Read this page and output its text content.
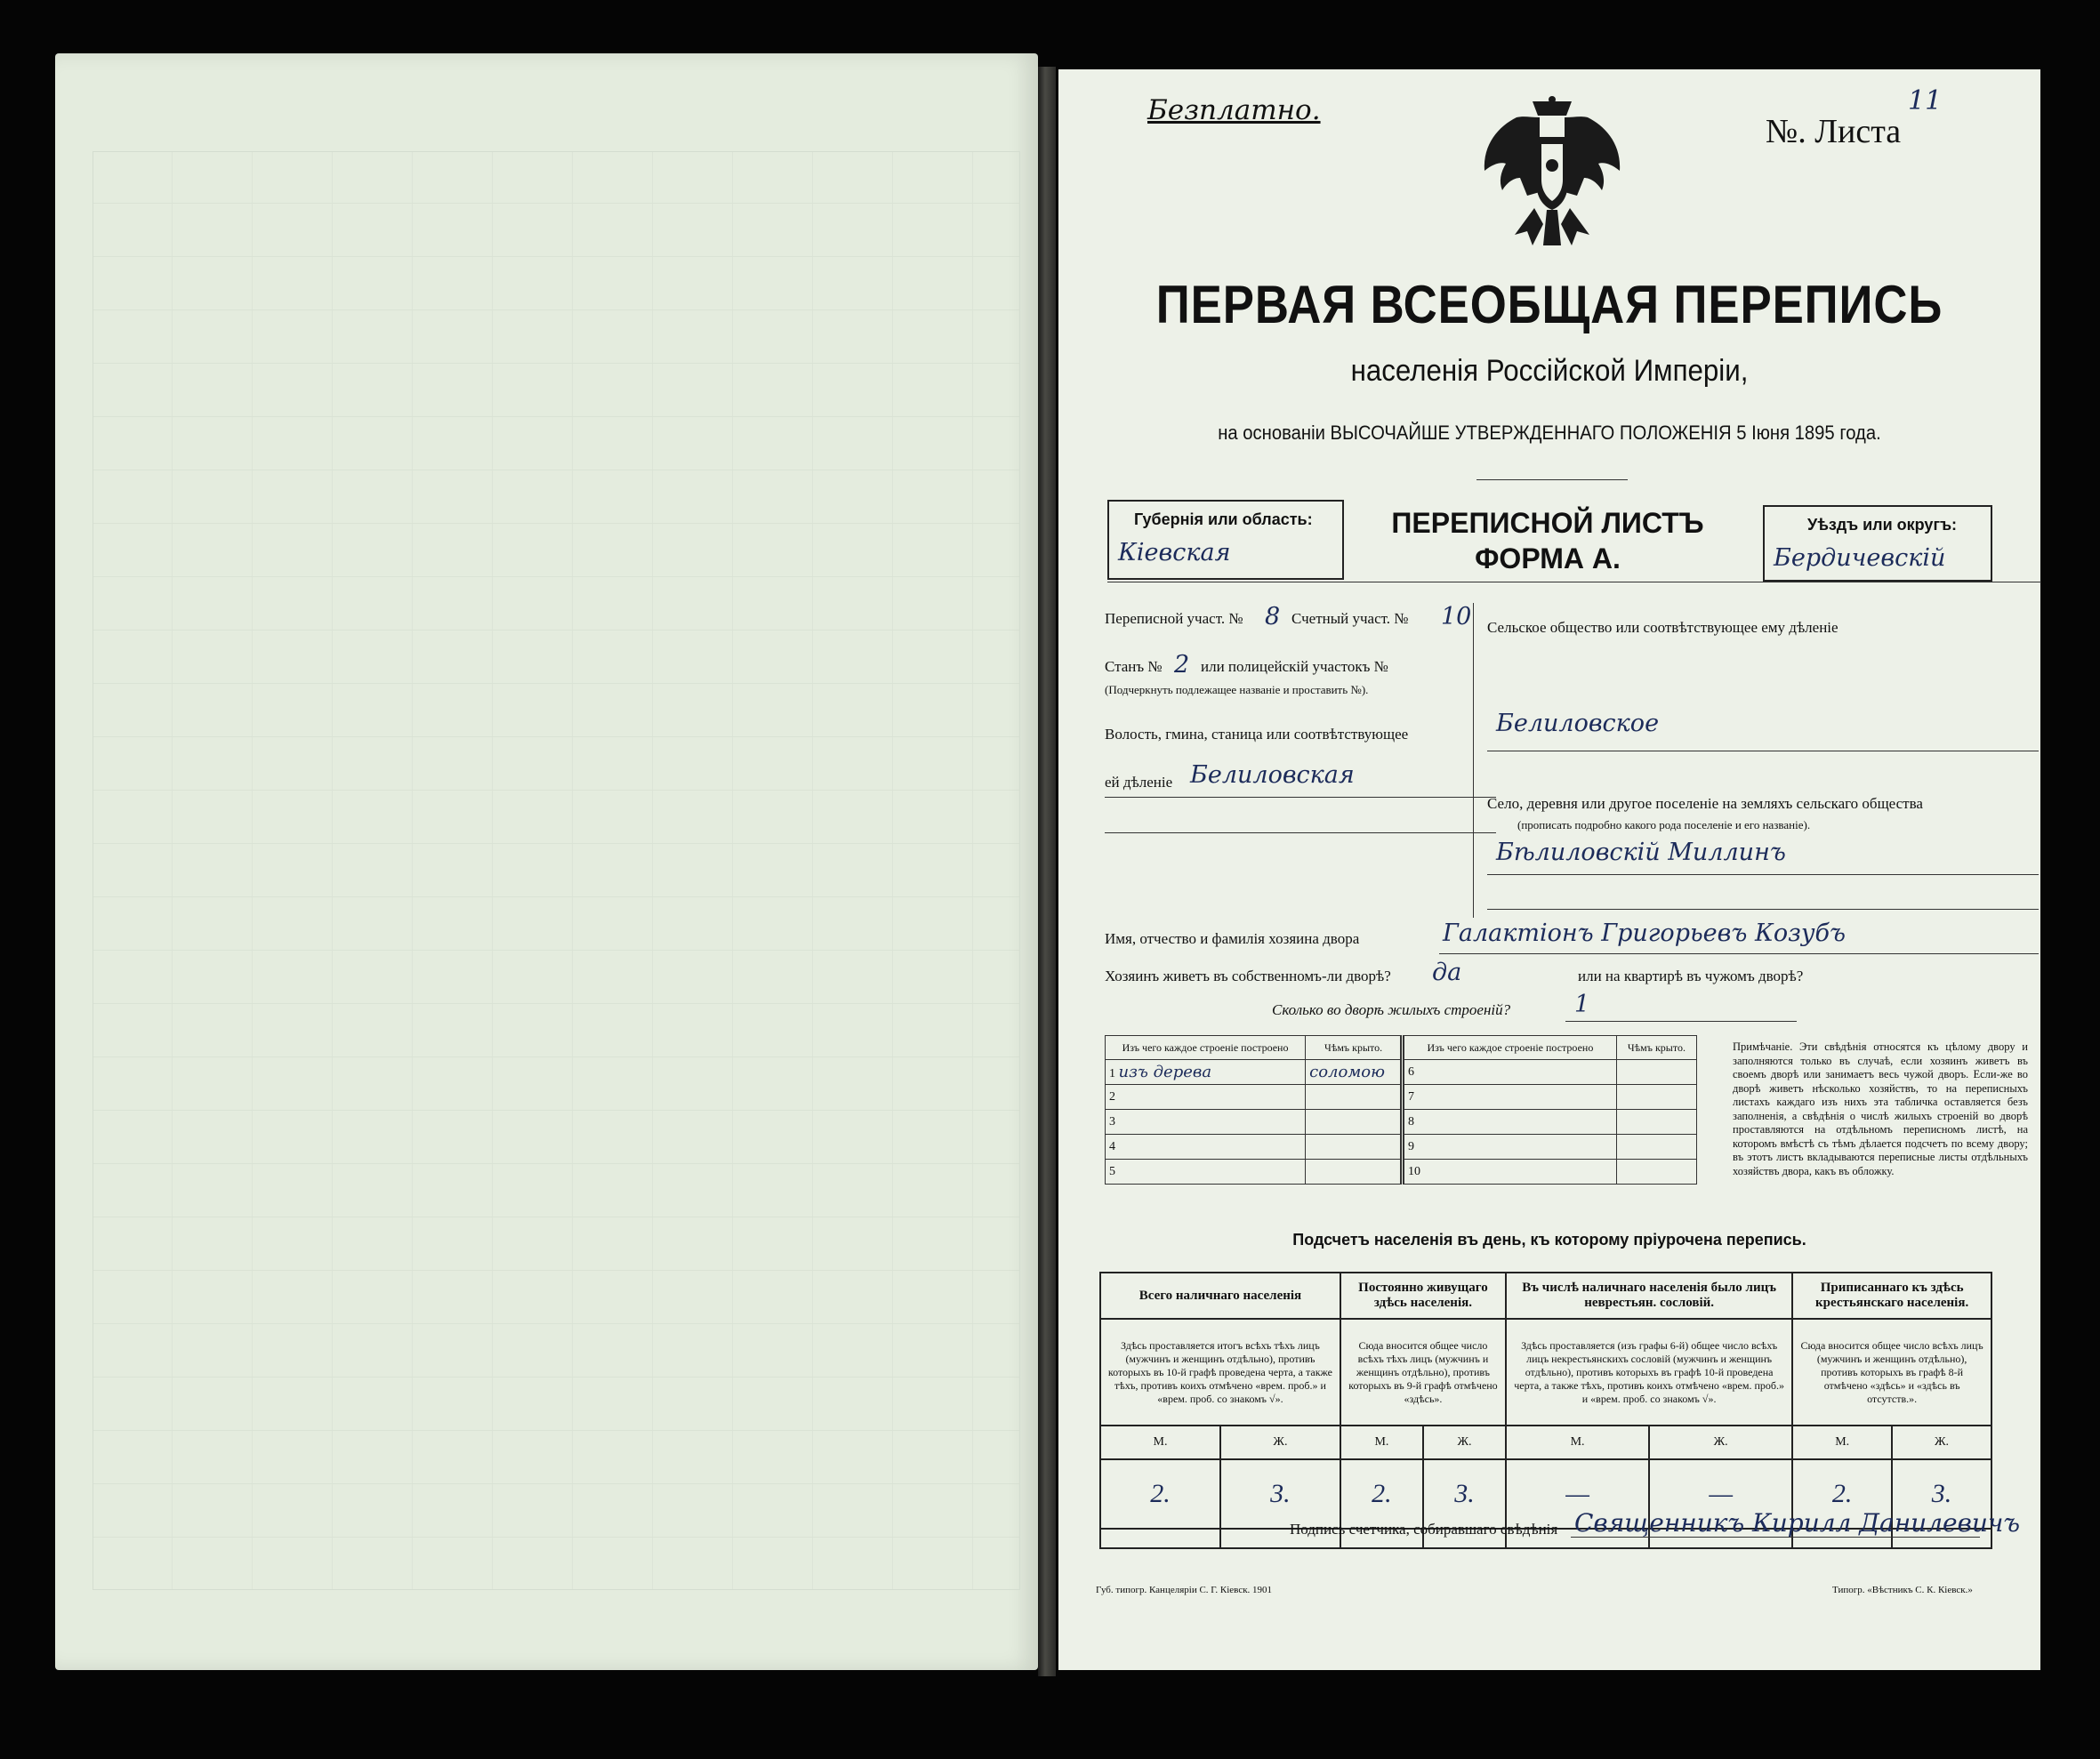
Безплатно.
№. Листа
11
ПЕРВАЯ ВСЕОБЩАЯ ПЕРЕПИСЬ
населенія Россійской Имперіи,
на основаніи ВЫСОЧАЙШЕ УТВЕРЖДЕННАГО ПОЛОЖЕНІЯ 5 Іюня 1895 года.
Губернія или область:
Кіевская
ПЕРЕПИСНОЙ ЛИСТЪ
ФОРМА А.
Уѣздъ или округъ:
Бердичевскій
Переписной участ. № 8 Счетный участ. № 10
Станъ № 2 или полицейскій участокъ №
(Подчеркнуть подлежащее названіе и проставить №).
Волость, гмина, станица или соотвѣтствующее
ей дѣленіе Белиловская
Сельское общество или соотвѣтствующее ему дѣленіе
Белиловское
Село, деревня или другое поселеніе на земляхъ сельскаго общества
(прописать подробно какого рода поселеніе и его названіе).
Бѣлиловскій Миллинъ
Имя, отчество и фамилія хозяина двора	Галактіонъ Григорьевъ Козубъ
Хозяинъ живетъ въ собственномъ-ли дворѣ? да	или на квартирѣ въ чужомъ дворѣ?
Сколько во дворѣ жилыхъ строеній?	1
Изъ чего каждое строеніе построено	Чѣмъ крыто.
1 изъ дерева	соломою
2	
3	
4	
5	
Изъ чего каждое строеніе построено	Чѣмъ крыто.
6	
7	
8	
9	
10	
Примѣчаніе. Эти свѣдѣнія относятся къ цѣлому двору и заполняются только въ случаѣ, если хозяинъ живетъ въ своемъ дворѣ или занимаетъ весь чужой дворъ. Если-же во дворѣ живетъ нѣсколько хозяйствъ, то на переписныхъ листахъ каждаго изъ нихъ эта табличка оставляется безъ заполненія, а свѣдѣнія о числѣ жилыхъ строеній во дворѣ проставляются на отдѣльномъ переписномъ листѣ, на которомъ вмѣстѣ съ тѣмъ дѣлается подсчетъ по всему двору; въ этотъ листъ вкладываются переписные листы отдѣльныхъ хозяйствъ двора, какъ въ обложку.
Подсчетъ населенія въ день, къ которому пріурочена перепись.
Всего наличнаго населенія		Постоянно живущаго здѣсь населенія.		Въ числѣ наличнаго населенія было лицъ неврестьян. сословій.		Приписаннаго къ здѣсь крестьянскаго населенія.	
Здѣсь проставляется итогъ всѣхъ тѣхъ лицъ (мужчинъ и женщинъ отдѣльно), противъ которыхъ въ 10-й графѣ проведена черта, а также тѣхъ, противъ коихъ отмѣчено «врем. проб.» и «врем. проб. со знакомъ √».		Сюда вносится общее число всѣхъ тѣхъ лицъ (мужчинъ и женщинъ отдѣльно), противъ которыхъ въ 9-й графѣ отмѣчено «здѣсь».		Здѣсь проставляется (изъ графы 6-й) общее число всѣхъ лицъ некрестьянскихъ сословій (мужчинъ и женщинъ отдѣльно), противъ которыхъ въ графѣ 10-й проведена черта, а также тѣхъ, противъ коихъ отмѣчено «врем. проб.» и «врем. проб. со знакомъ √».		Сюда вносится общее число всѣхъ лицъ (мужчинъ и женщинъ отдѣльно), противъ которыхъ въ графѣ 8-й отмѣчено «здѣсь» и «здѣсь въ отсутств.».	
М.	Ж.	М.	Ж.	М.	Ж.	М.	Ж.
2.	3.	2.	3.	—	—	2.	3.

Подпись счетчика, собиравшаго свѣдѣнія Священникъ Кирилл Данилевичъ
Губ. типогр. Канцеляріи С. Г. Кіевск. 1901	Типогр. «Вѣстникъ С. К. Кіевск.»
